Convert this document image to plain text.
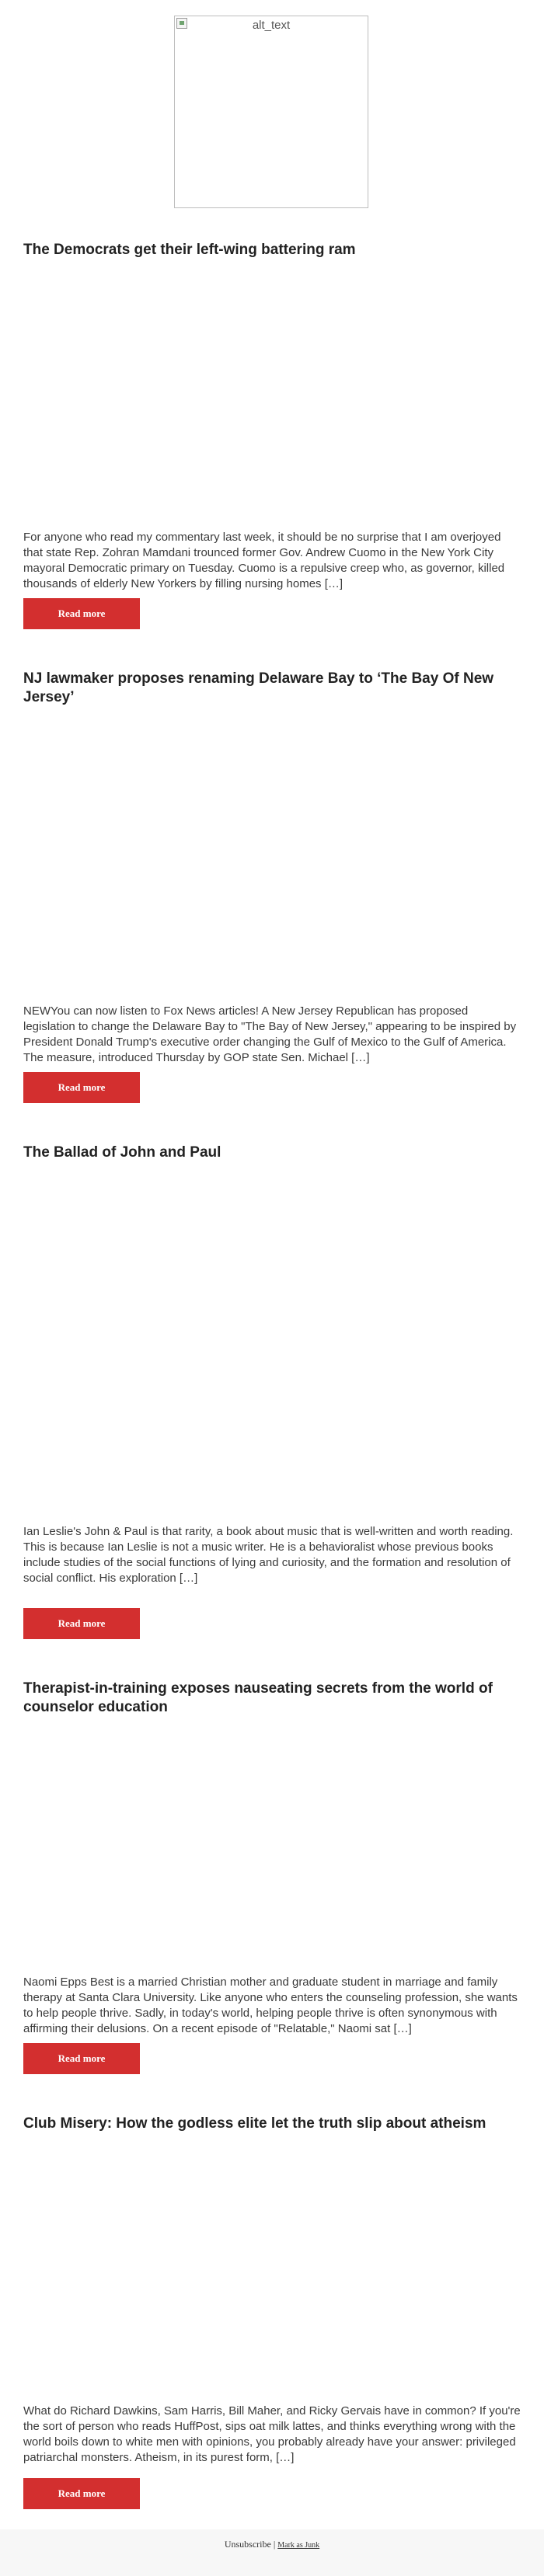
alt_text
The Democrats get their left-wing battering ram

For anyone who read my commentary last week, it should be no surprise that I am overjoyed that state Rep. Zohran Mamdani trounced former Gov. Andrew Cuomo in the New York City mayoral Democratic primary on Tuesday. Cuomo is a repulsive creep who, as governor, killed thousands of elderly New Yorkers by filling nursing homes […]

Read more
NJ lawmaker proposes renaming Delaware Bay to ‘The Bay Of New Jersey’

NEWYou can now listen to Fox News articles! A New Jersey Republican has proposed legislation to change the Delaware Bay to "The Bay of New Jersey," appearing to be inspired by President Donald Trump's executive order changing the Gulf of Mexico to the Gulf of America. The measure, introduced Thursday by GOP state Sen. Michael […]

Read more
The Ballad of John and Paul

Ian Leslie's John & Paul is that rarity, a book about music that is well-written and worth reading. This is because Ian Leslie is not a music writer. He is a behavioralist whose previous books include studies of the social functions of lying and curiosity, and the formation and resolution of social conflict. His exploration […]

Read more
Therapist-in-training exposes nauseating secrets from the world of counselor education

Naomi Epps Best is a married Christian mother and graduate student in marriage and family therapy at Santa Clara University. Like anyone who enters the counseling profession, she wants to help people thrive. Sadly, in today's world, helping people thrive is often synonymous with affirming their delusions. On a recent episode of "Relatable," Naomi sat […]

Read more
Club Misery: How the godless elite let the truth slip about atheism

What do Richard Dawkins, Sam Harris, Bill Maher, and Ricky Gervais have in common? If you're the sort of person who reads HuffPost, sips oat milk lattes, and thinks everything wrong with the world boils down to white men with opinions, you probably already have your answer: privileged patriarchal monsters. Atheism, in its purest form, […]

Read more
Unsubscribe | Mark as Junk
